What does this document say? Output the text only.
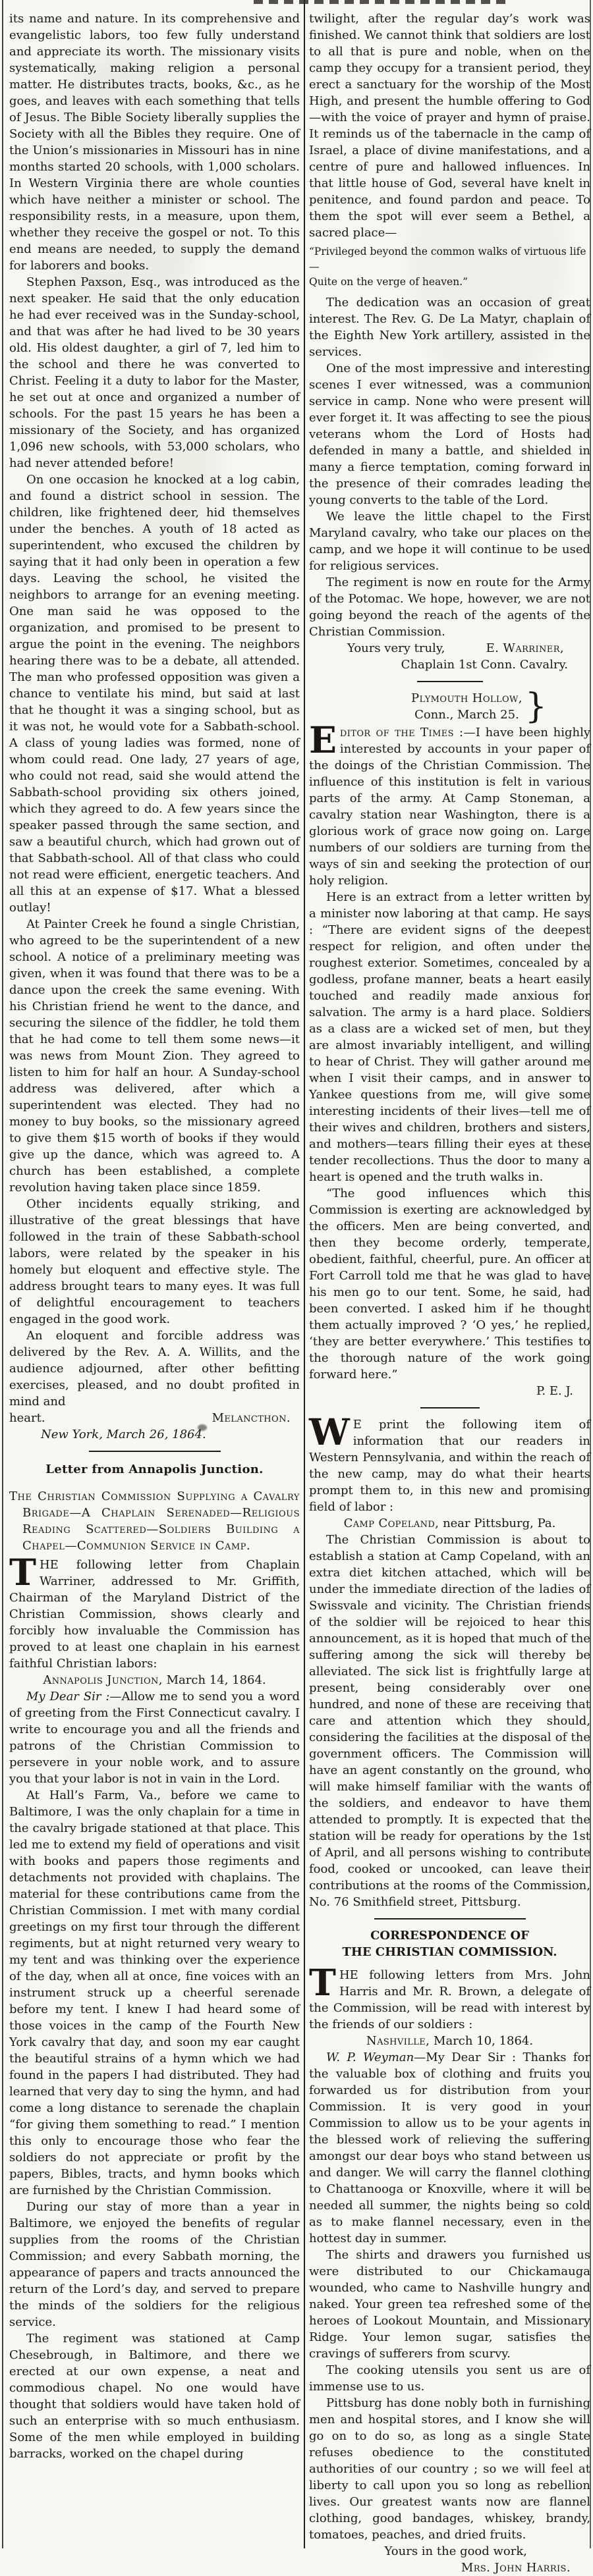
its name and nature. In its comprehensive and evangelistic labors, too few fully understand and appreciate its worth. The missionary visits systematically, making religion a personal matter. He distributes tracts, books, &c., as he goes, and leaves with each something that tells of Jesus. The Bible Society liberally supplies the Society with all the Bibles they require. One of the Union’s missionaries in Missouri has in nine months started 20 schools, with 1,000 scholars. In Western Virginia there are whole counties which have neither a minister or school. The responsibility rests, in a measure, upon them, whether they receive the gospel or not. To this end means are needed, to supply the demand for laborers and books.

Stephen Paxson, Esq., was introduced as the next speaker. He said that the only education he had ever received was in the Sunday-school, and that was after he had lived to be 30 years old. His oldest daughter, a girl of 7, led him to the school and there he was converted to Christ. Feeling it a duty to labor for the Master, he set out at once and organized a number of schools. For the past 15 years he has been a missionary of the Society, and has organized 1,096 new schools, with 53,000 scholars, who had never attended before!

On one occasion he knocked at a log cabin, and found a district school in session. The children, like frightened deer, hid themselves under the benches. A youth of 18 acted as superintendent, who excused the children by saying that it had only been in operation a few days. Leaving the school, he visited the neighbors to arrange for an evening meeting. One man said he was opposed to the organization, and promised to be present to argue the point in the evening. The neighbors hearing there was to be a debate, all attended. The man who professed opposition was given a chance to ventilate his mind, but said at last that he thought it was a singing school, but as it was not, he would vote for a Sabbath-school. A class of young ladies was formed, none of whom could read. One lady, 27 years of age, who could not read, said she would attend the Sabbath-school providing six others joined, which they agreed to do. A few years since the speaker passed through the same section, and saw a beautiful church, which had grown out of that Sabbath-school. All of that class who could not read were efficient, energetic teachers. And all this at an expense of $17. What a blessed outlay!

At Painter Creek he found a single Christian, who agreed to be the superintendent of a new school. A notice of a preliminary meeting was given, when it was found that there was to be a dance upon the creek the same evening. With his Christian friend he went to the dance, and securing the silence of the fiddler, he told them that he had come to tell them some news—it was news from Mount Zion. They agreed to listen to him for half an hour. A Sunday-school address was delivered, after which a superintendent was elected. They had no money to buy books, so the missionary agreed to give them $15 worth of books if they would give up the dance, which was agreed to. A church has been established, a complete revolution having taken place since 1859.

Other incidents equally striking, and illustrative of the great blessings that have followed in the train of these Sabbath-school labors, were related by the speaker in his homely but eloquent and effective style. The address brought tears to many eyes. It was full of delightful encouragement to teachers engaged in the good work.

An eloquent and forcible address was delivered by the Rev. A. A. Willits, and the audience adjourned, after other befitting exercises, pleased, and no doubt profited in mind and

heart.	Melancthon.

New York, March 26, 1864.

Letter from Annapolis Junction.

The Christian Commission Supplying a Cavalry Brigade—A Chaplain Serenaded—Religious Reading Scattered—Soldiers Building a Chapel—Communion Service in Camp.

THE following letter from Chaplain Warriner, addressed to Mr. Griffith, Chairman of the Maryland District of the Christian Commission, shows clearly and forcibly how invaluable the Commission has proved to at least one chaplain in his earnest faithful Christian labors:

Annapolis Junction, March 14, 1864.

My Dear Sir :—Allow me to send you a word of greeting from the First Connecticut cavalry. I write to encourage you and all the friends and patrons of the Christian Commission to persevere in your noble work, and to assure you that your labor is not in vain in the Lord.

At Hall’s Farm, Va., before we came to Baltimore, I was the only chaplain for a time in the cavalry brigade stationed at that place. This led me to extend my field of operations and visit with books and papers those regiments and detachments not provided with chaplains. The material for these contributions came from the Christian Commission. I met with many cordial greetings on my first tour through the different regiments, but at night returned very weary to my tent and was thinking over the experience of the day, when all at once, fine voices with an instrument struck up a cheerful serenade before my tent. I knew I had heard some of those voices in the camp of the Fourth New York cavalry that day, and soon my ear caught the beautiful strains of a hymn which we had found in the papers I had distributed. They had learned that very day to sing the hymn, and had come a long distance to serenade the chaplain “for giving them something to read.” I mention this only to encourage those who fear the soldiers do not appreciate or profit by the papers, Bibles, tracts, and hymn books which are furnished by the Christian Commission.

During our stay of more than a year in Baltimore, we enjoyed the benefits of regular supplies from the rooms of the Christian Commission; and every Sabbath morning, the appearance of papers and tracts announced the return of the Lord’s day, and served to prepare the minds of the soldiers for the religious service.

The regiment was stationed at Camp Chesebrough, in Baltimore, and there we erected at our own expense, a neat and commodious chapel. No one would have thought that soldiers would have taken hold of such an enterprise with so much enthusiasm. Some of the men while employed in building barracks, worked on the chapel during

twilight, after the regular day’s work was finished. We cannot think that soldiers are lost to all that is pure and noble, when on the camp they occupy for a transient period, they erect a sanctuary for the worship of the Most High, and present the humble offering to God—with the voice of prayer and hymn of praise. It reminds us of the tabernacle in the camp of Israel, a place of divine manifestations, and a centre of pure and hallowed influences. In that little house of God, several have knelt in penitence, and found pardon and peace. To them the spot will ever seem a Bethel, a sacred place—

“Privileged beyond the common walks of virtuous life—
Quite on the verge of heaven.”

The dedication was an occasion of great interest. The Rev. G. De La Matyr, chaplain of the Eighth New York artillery, assisted in the services.

One of the most impressive and interesting scenes I ever witnessed, was a communion service in camp. None who were present will ever forget it. It was affecting to see the pious veterans whom the Lord of Hosts had defended in many a battle, and shielded in many a fierce temptation, coming forward in the presence of their comrades leading the young converts to the table of the Lord.

We leave the little chapel to the First Maryland cavalry, who take our places on the camp, and we hope it will continue to be used for religious services.

The regiment is now en route for the Army of the Potomac. We hope, however, we are not going beyond the reach of the agents of the Christian Commission.

Yours very truly,	E. Warriner,

Chaplain 1st Conn. Cavalry.

Plymouth Hollow,
Conn., March 25. }

Editor of the Times :—I have been highly interested by accounts in your paper of the doings of the Christian Commission. The influence of this institution is felt in various parts of the army. At Camp Stoneman, a cavalry station near Washington, there is a glorious work of grace now going on. Large numbers of our soldiers are turning from the ways of sin and seeking the protection of our holy religion.

Here is an extract from a letter written by a minister now laboring at that camp. He says : “There are evident signs of the deepest respect for religion, and often under the roughest exterior. Sometimes, concealed by a godless, profane manner, beats a heart easily touched and readily made anxious for salvation. The army is a hard place. Soldiers as a class are a wicked set of men, but they are almost invariably intelligent, and willing to hear of Christ. They will gather around me when I visit their camps, and in answer to Yankee questions from me, will give some interesting incidents of their lives—tell me of their wives and children, brothers and sisters, and mothers—tears filling their eyes at these tender recollections. Thus the door to many a heart is opened and the truth walks in.

“The good influences which this Commission is exerting are acknowledged by the officers. Men are being converted, and then they become orderly, temperate, obedient, faithful, cheerful, pure. An officer at Fort Carroll told me that he was glad to have his men go to our tent. Some, he said, had been converted. I asked him if he thought them actually improved ? ‘O yes,’ he replied, ‘they are better everywhere.’ This testifies to the thorough nature of the work going forward here.”

P. E. J.

W E print the following item of information that our readers in Western Pennsylvania, and within the reach of the new camp, may do what their hearts prompt them to, in this new and promising field of labor :

Camp Copeland, near Pittsburg, Pa.

The Christian Commission is about to establish a station at Camp Copeland, with an extra diet kitchen attached, which will be under the immediate direction of the ladies of Swissvale and vicinity. The Christian friends of the soldier will be rejoiced to hear this announcement, as it is hoped that much of the suffering among the sick will thereby be alleviated. The sick list is frightfully large at present, being considerably over one hundred, and none of these are receiving that care and attention which they should, considering the facilities at the disposal of the government officers. The Commission will have an agent constantly on the ground, who will make himself familiar with the wants of the soldiers, and endeavor to have them attended to promptly. It is expected that the station will be ready for operations by the 1st of April, and all persons wishing to contribute food, cooked or uncooked, can leave their contributions at the rooms of the Commission, No. 76 Smithfield street, Pittsburg.

CORRESPONDENCE OF
THE CHRISTIAN COMMISSION.

THE following letters from Mrs. John Harris and Mr. R. Brown, a delegate of the Commission, will be read with interest by the friends of our soldiers :

Nashville, March 10, 1864.

W. P. Weyman—My Dear Sir : Thanks for the valuable box of clothing and fruits you forwarded us for distribution from your Commission. It is very good in your Commission to allow us to be your agents in the blessed work of relieving the suffering amongst our dear boys who stand between us and danger. We will carry the flannel clothing to Chattanooga or Knoxville, where it will be needed all summer, the nights being so cold as to make flannel necessary, even in the hottest day in summer.

The shirts and drawers you furnished us were distributed to our Chickamauga wounded, who came to Nashville hungry and naked. Your green tea refreshed some of the heroes of Lookout Mountain, and Missionary Ridge. Your lemon sugar, satisfies the cravings of sufferers from scurvy.

The cooking utensils you sent us are of immense use to us.

Pittsburg has done nobly both in furnishing men and hospital stores, and I know she will go on to do so, as long as a single State refuses obedience to the constituted authorities of our country ; so we will feel at liberty to call upon you so long as rebellion lives. Our greatest wants now are flannel clothing, good bandages, whiskey, brandy, tomatoes, peaches, and dried fruits.

Yours in the good work,

Mrs. John Harris.
